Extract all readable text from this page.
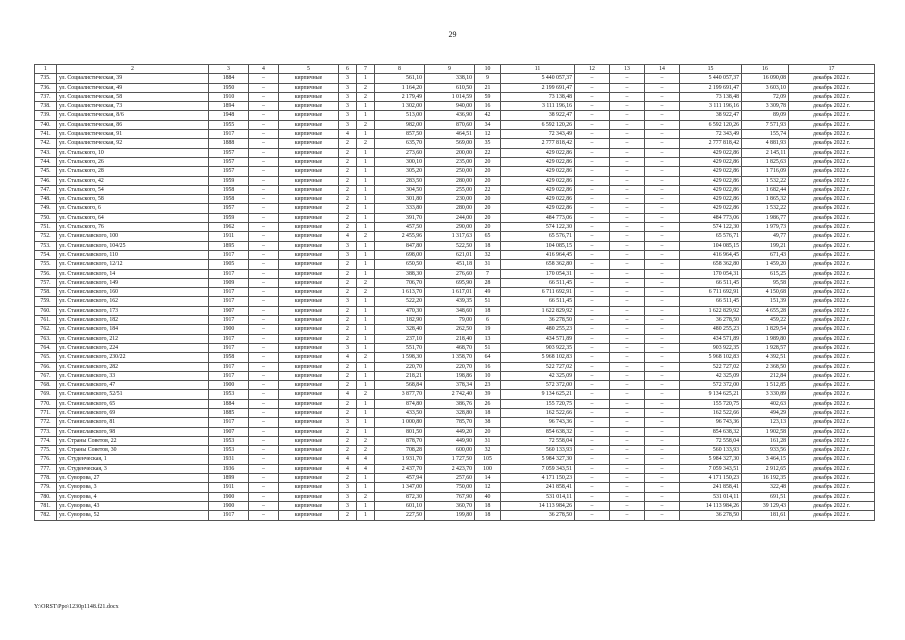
29
1	2	3	4	5	6	7	8	9	10	11	12	13	14	15	16	17
735.	ул. Социалистическая, 39	1884	–	кирпичные	3	1	561,10	338,10	9	5 440 057,37	–	–	–	5 440 057,37	16 090,08	декабрь 2022 г.
736.	ул. Социалистическая, 49	1950	–	кирпичные	3	2	1 164,20	610,50	21	2 199 691,47	–	–	–	2 199 691,47	3 603,10	декабрь 2022 г.
737.	ул. Социалистическая, 58	1910	–	кирпичные	3	2	2 179,49	1 014,59	59	73 138,48	–	–	–	73 138,48	72,09	декабрь 2022 г.
738.	ул. Социалистическая, 73	1894	–	кирпичные	3	1	1 302,00	940,00	16	3 111 196,16	–	–	–	3 111 196,16	3 309,78	декабрь 2022 г.
739.	ул. Социалистическая, 8/6	1948	–	кирпичные	3	1	513,00	436,90	42	38 922,47	–	–	–	38 922,47	89,09	декабрь 2022 г.
740.	ул. Социалистическая, 86	1955	–	кирпичные	3	2	982,00	870,60	34	6 592 120,26	–	–	–	6 592 120,26	7 571,93	декабрь 2022 г.
741.	ул. Социалистическая, 91	1917	–	кирпичные	4	1	857,50	464,51	12	72 343,49	–	–	–	72 343,49	155,74	декабрь 2022 г.
742.	ул. Социалистическая, 92	1888	–	кирпичные	2	2	635,70	569,00	35	2 777 818,42	–	–	–	2 777 818,42	4 881,93	декабрь 2022 г.
743.	ул. Стальского, 10	1957	–	кирпичные	2	1	273,60	200,00	22	429 022,86	–	–	–	429 022,86	2 145,11	декабрь 2022 г.
744.	ул. Стальского, 26	1957	–	кирпичные	2	1	300,10	235,00	20	429 022,86	–	–	–	429 022,86	1 825,63	декабрь 2022 г.
745.	ул. Стальского, 28	1957	–	кирпичные	2	1	305,20	250,00	20	429 022,86	–	–	–	429 022,86	1 716,09	декабрь 2022 г.
746.	ул. Стальского, 42	1959	–	кирпичные	2	1	283,50	280,00	20	429 022,86	–	–	–	429 022,86	1 532,22	декабрь 2022 г.
747.	ул. Стальского, 54	1958	–	кирпичные	2	1	304,50	255,00	22	429 022,86	–	–	–	429 022,86	1 682,44	декабрь 2022 г.
748.	ул. Стальского, 58	1958	–	кирпичные	2	1	301,80	230,00	20	429 022,86	–	–	–	429 022,86	1 865,32	декабрь 2022 г.
749.	ул. Стальского, 6	1957	–	кирпичные	2	1	333,80	280,00	20	429 022,86	–	–	–	429 022,86	1 532,22	декабрь 2022 г.
750.	ул. Стальского, 64	1959	–	кирпичные	2	1	391,70	244,00	20	484 773,06	–	–	–	484 773,06	1 986,77	декабрь 2022 г.
751.	ул. Стальского, 76	1962	–	кирпичные	2	1	457,50	290,00	20	574 122,30	–	–	–	574 122,30	1 979,73	декабрь 2022 г.
752.	ул. Станиславского, 100	1911	–	кирпичные	4	2	2 455,96	1 317,63	65	65 576,71	–	–	–	65 576,71	49,77	декабрь 2022 г.
753.	ул. Станиславского, 104/25	1895	–	кирпичные	3	1	847,80	522,50	18	104 085,15	–	–	–	104 085,15	199,21	декабрь 2022 г.
754.	ул. Станиславского, 110	1917	–	кирпичные	3	1	698,00	621,01	32	416 964,45	–	–	–	416 964,45	671,43	декабрь 2022 г.
755.	ул. Станиславского, 12/12	1905	–	кирпичные	2	1	650,50	451,18	31	658 362,80	–	–	–	658 362,80	1 459,20	декабрь 2022 г.
756.	ул. Станиславского, 14	1917	–	кирпичные	2	1	388,30	276,60	7	170 054,31	–	–	–	170 054,31	615,25	декабрь 2022 г.
757.	ул. Станиславского, 149	1909	–	кирпичные	2	2	706,70	695,90	28	66 511,45	–	–	–	66 511,45	95,58	декабрь 2022 г.
758.	ул. Станиславского, 160	1917	–	кирпичные	2	2	1 613,70	1 617,01	49	6 711 692,91	–	–	–	6 711 692,91	4 150,68	декабрь 2022 г.
759.	ул. Станиславского, 162	1917	–	кирпичные	3	1	522,20	439,35	51	66 511,45	–	–	–	66 511,45	151,39	декабрь 2022 г.
760.	ул. Станиславского, 173	1907	–	кирпичные	2	1	470,30	348,60	18	1 622 829,92	–	–	–	1 622 829,92	4 655,28	декабрь 2022 г.
761.	ул. Станиславского, 182	1917	–	кирпичные	2	1	182,90	79,00	6	36 278,50	–	–	–	36 278,50	459,22	декабрь 2022 г.
762.	ул. Станиславского, 184	1900	–	кирпичные	2	1	328,40	262,50	19	480 255,23	–	–	–	480 255,23	1 829,54	декабрь 2022 г.
763.	ул. Станиславского, 212	1917	–	кирпичные	2	1	237,10	218,40	13	434 571,89	–	–	–	434 571,89	1 989,80	декабрь 2022 г.
764.	ул. Станиславского, 224	1917	–	кирпичные	3	1	551,70	468,70	51	903 922,35	–	–	–	903 922,35	1 928,57	декабрь 2022 г.
765.	ул. Станиславского, 230/22	1958	–	кирпичные	4	2	1 598,30	1 358,70	64	5 968 102,83	–	–	–	5 968 102,83	4 392,51	декабрь 2022 г.
766.	ул. Станиславского, 282	1917	–	кирпичные	2	1	220,70	220,70	16	522 727,02	–	–	–	522 727,02	2 368,50	декабрь 2022 г.
767.	ул. Станиславского, 33	1917	–	кирпичные	2	1	218,21	198,86	10	42 325,09	–	–	–	42 325,09	212,84	декабрь 2022 г.
768.	ул. Станиславского, 47	1900	–	кирпичные	2	1	568,84	378,34	23	572 372,00	–	–	–	572 372,00	1 512,85	декабрь 2022 г.
769.	ул. Станиславского, 52/51	1953	–	кирпичные	4	2	3 877,70	2 742,40	39	9 134 625,21	–	–	–	9 134 625,21	3 330,89	декабрь 2022 г.
770.	ул. Станиславского, 65	1884	–	кирпичные	2	1	874,80	386,76	26	155 720,75	–	–	–	155 720,75	402,63	декабрь 2022 г.
771.	ул. Станиславского, 69	1885	–	кирпичные	2	1	433,50	328,80	18	162 522,66	–	–	–	162 522,66	494,29	декабрь 2022 г.
772.	ул. Станиславского, 81	1917	–	кирпичные	3	1	1 000,80	785,70	38	96 743,36	–	–	–	96 743,36	123,13	декабрь 2022 г.
773.	ул. Станиславского, 98	1907	–	кирпичные	2	1	801,50	449,20	20	854 638,32	–	–	–	854 638,32	1 902,58	декабрь 2022 г.
774.	ул. Страны Советов, 22	1953	–	кирпичные	2	2	878,70	449,90	31	72 558,04	–	–	–	72 558,04	161,28	декабрь 2022 г.
775.	ул. Страны Советов, 30	1953	–	кирпичные	2	2	708,28	600,00	32	560 133,93	–	–	–	560 133,93	933,56	декабрь 2022 г.
776.	ул. Студенческая, 1	1931	–	кирпичные	4	4	1 931,70	1 727,50	105	5 984 327,30	–	–	–	5 984 327,30	3 464,15	декабрь 2022 г.
777.	ул. Студенческая, 3	1936	–	кирпичные	4	4	2 437,70	2 423,70	100	7 059 343,51	–	–	–	7 059 343,51	2 912,65	декабрь 2022 г.
778.	ул. Суворова, 27	1899	–	кирпичные	2	1	457,94	257,60	14	4 171 150,23	–	–	–	4 171 150,23	16 192,35	декабрь 2022 г.
779.	ул. Суворова, 3	1911	–	кирпичные	3	1	1 347,00	750,00	12	241 858,41	–	–	–	241 858,41	322,48	декабрь 2022 г.
780.	ул. Суворова, 4	1900	–	кирпичные	3	2	872,30	767,90	40	531 014,11	–	–	–	531 014,11	691,51	декабрь 2022 г.
781.	ул. Суворова, 43	1900	–	кирпичные	3	1	601,10	360,70	18	14 113 984,26	–	–	–	14 113 984,26	39 129,43	декабрь 2022 г.
782.	ул. Суворова, 52	1917	–	кирпичные	2	1	227,50	199,80	18	36 278,50	–	–	–	36 278,50	181,61	декабрь 2022 г.
Y:\ORST\Ppo\1230p1148.f21.docx
